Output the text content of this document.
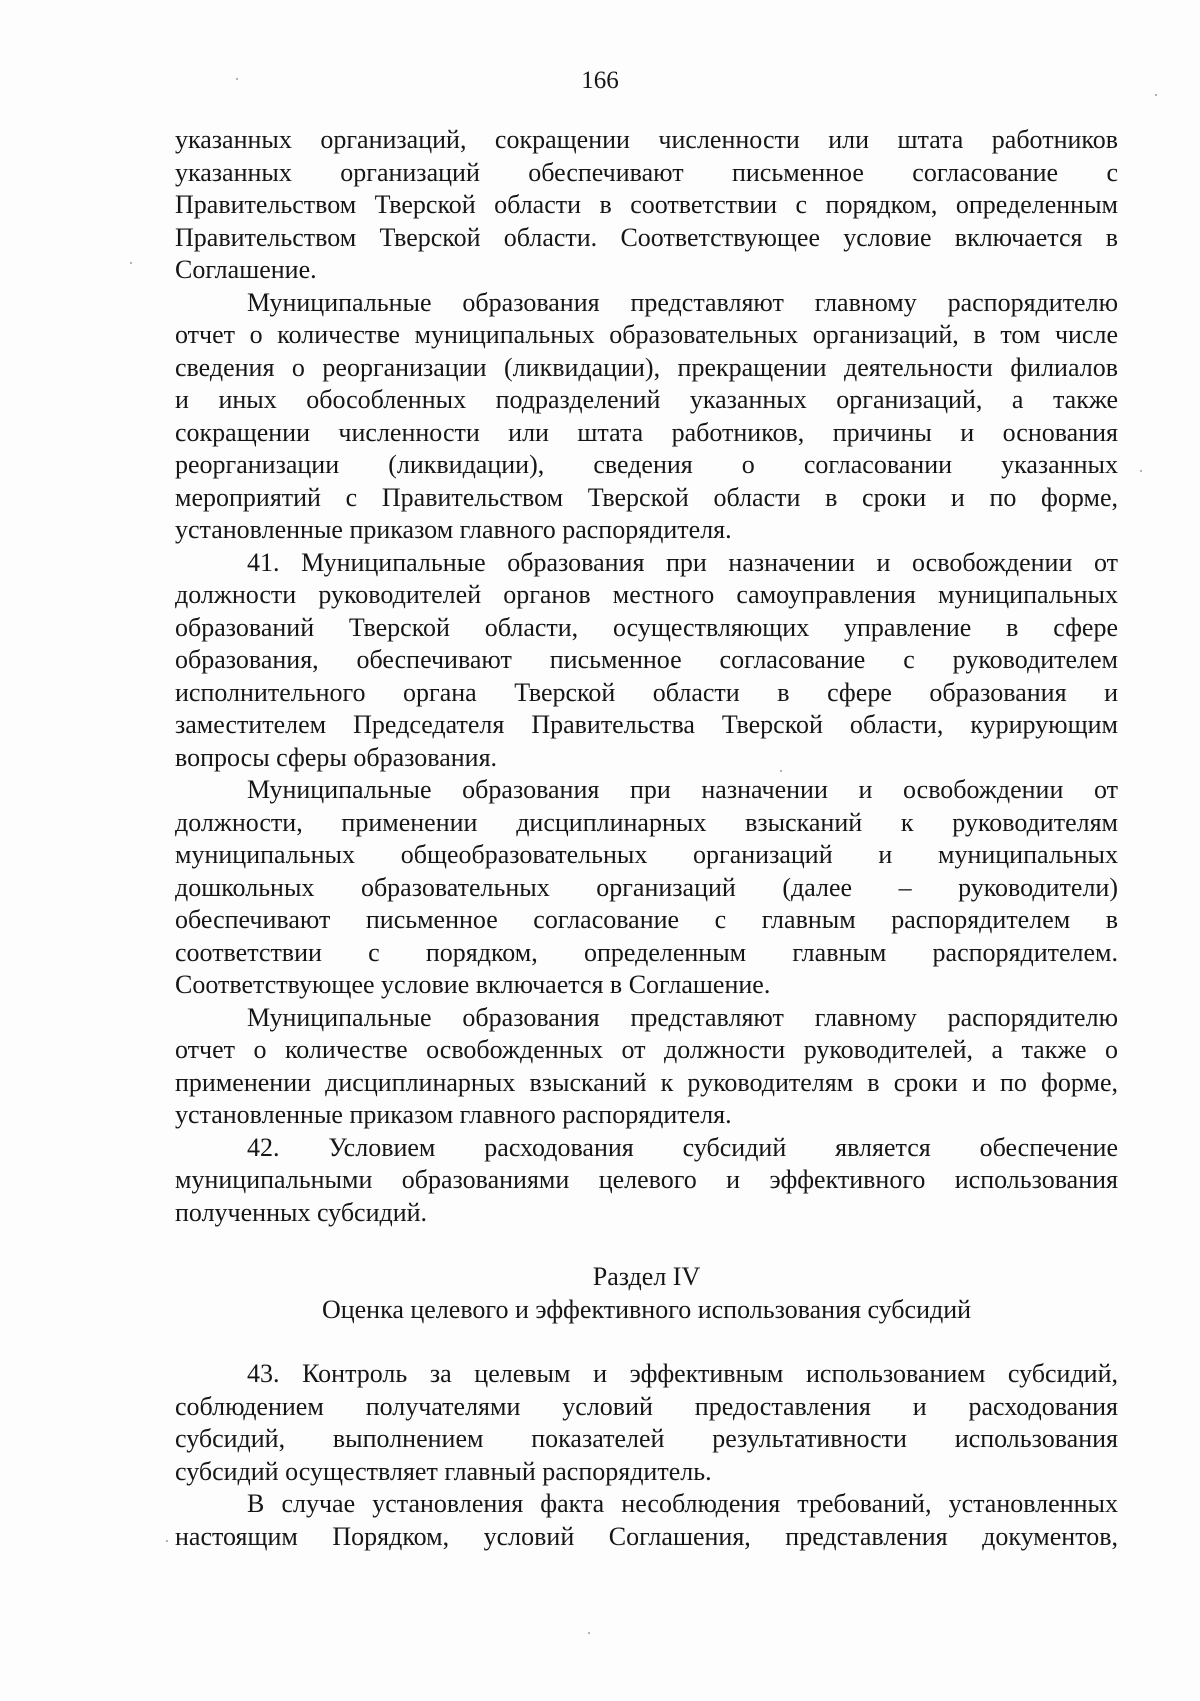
166
указанных организаций, сокращении численности или штата работников
указанных организаций обеспечивают письменное согласование с
Правительством Тверской области в соответствии с порядком, определенным
Правительством Тверской области. Соответствующее условие включается в
Соглашение.
Муниципальные образования представляют главному распорядителю
отчет о количестве муниципальных образовательных организаций, в том числе
сведения о реорганизации (ликвидации), прекращении деятельности филиалов
и иных обособленных подразделений указанных организаций, а также
сокращении численности или штата работников, причины и основания
реорганизации (ликвидации), сведения о согласовании указанных
мероприятий с Правительством Тверской области в сроки и по форме,
установленные приказом главного распорядителя.
41. Муниципальные образования при назначении и освобождении от
должности руководителей органов местного самоуправления муниципальных
образований Тверской области, осуществляющих управление в сфере
образования, обеспечивают письменное согласование с руководителем
исполнительного органа Тверской области в сфере образования и
заместителем Председателя Правительства Тверской области, курирующим
вопросы сферы образования.
Муниципальные образования при назначении и освобождении от
должности, применении дисциплинарных взысканий к руководителям
муниципальных общеобразовательных организаций и муниципальных
дошкольных образовательных организаций (далее – руководители)
обеспечивают письменное согласование с главным распорядителем в
соответствии с порядком, определенным главным распорядителем.
Соответствующее условие включается в Соглашение.
Муниципальные образования представляют главному распорядителю
отчет о количестве освобожденных от должности руководителей, а также о
применении дисциплинарных взысканий к руководителям в сроки и по форме,
установленные приказом главного распорядителя.
42. Условием расходования субсидий является обеспечение
муниципальными образованиями целевого и эффективного использования
полученных субсидий.
Раздел IV
Оценка целевого и эффективного использования субсидий
43. Контроль за целевым и эффективным использованием субсидий,
соблюдением получателями условий предоставления и расходования
субсидий, выполнением показателей результативности использования
субсидий осуществляет главный распорядитель.
В случае установления факта несоблюдения требований, установленных
настоящим Порядком, условий Соглашения, представления документов,
